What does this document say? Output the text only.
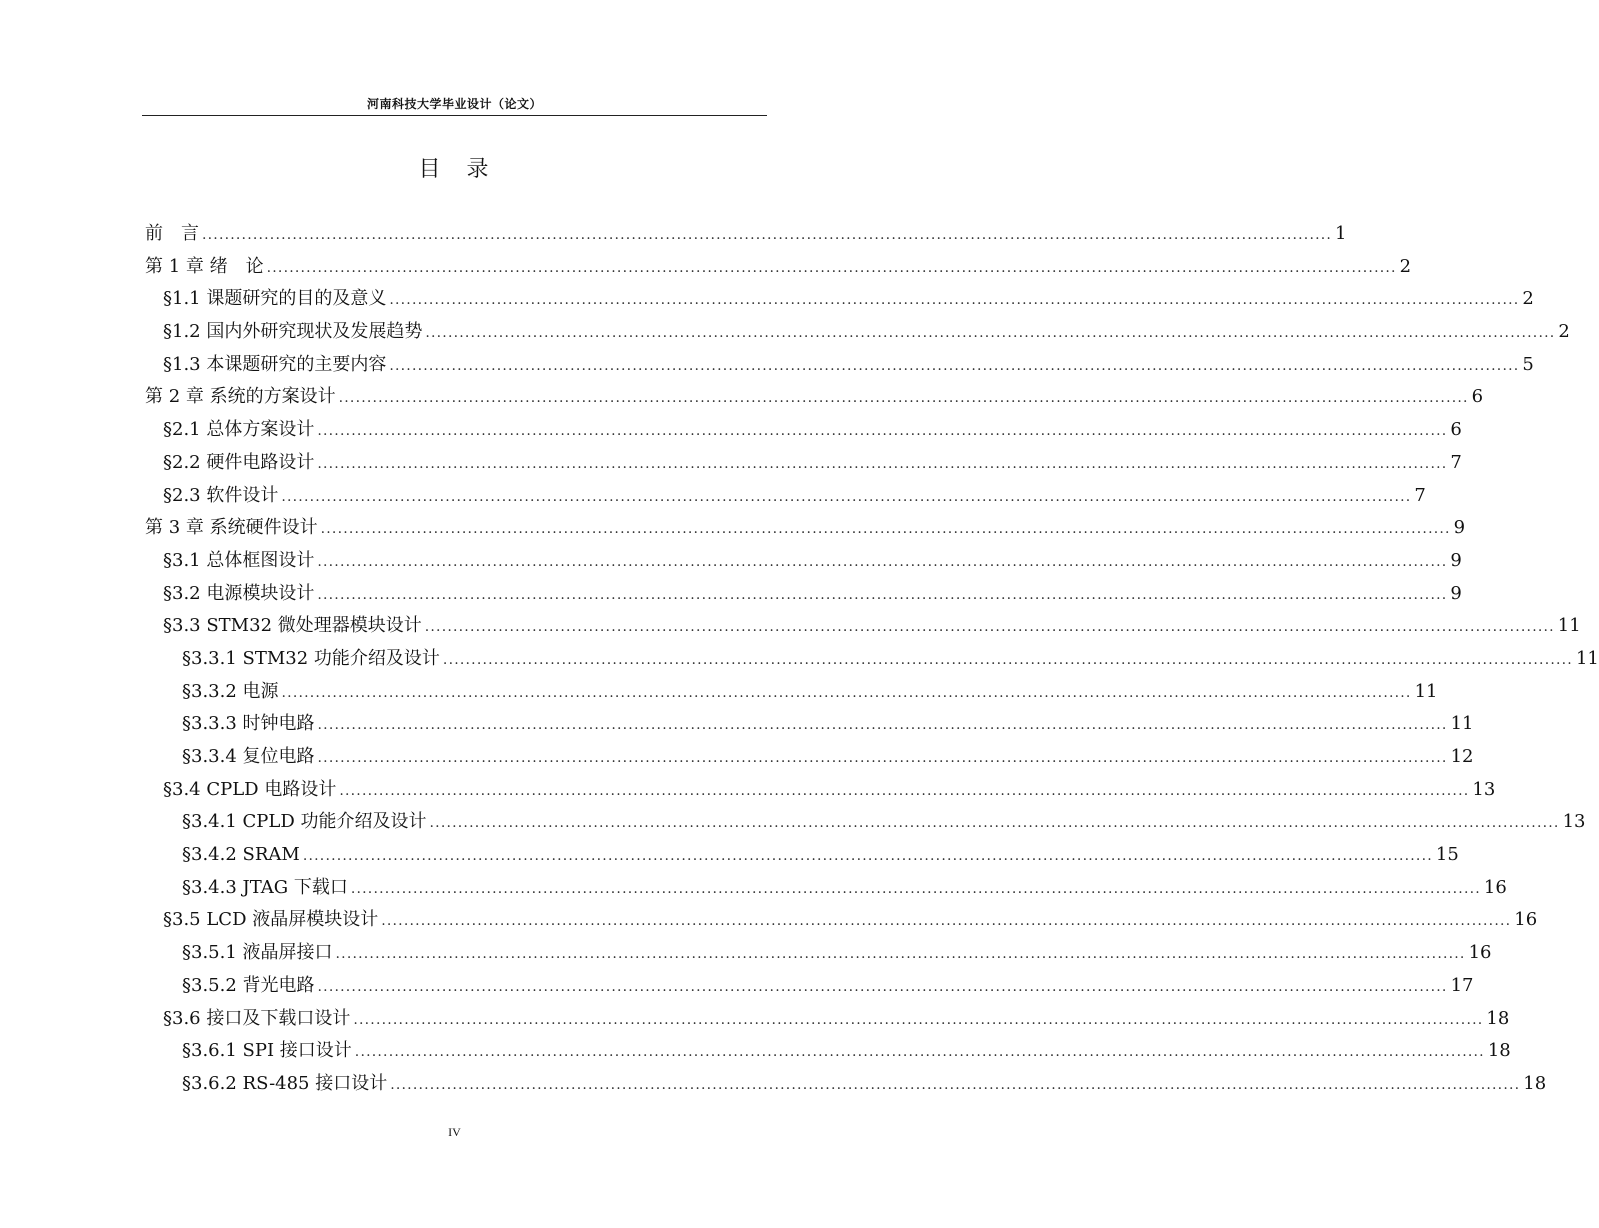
河南科技大学毕业设计（论文）
目　录
前　言 ........................................................................................................................................................................................................ 1
第 1 章 绪　论 ........................................................................................................................................................................................................ 2
§1.1 课题研究的目的及意义 ........................................................................................................................................................................................................ 2
§1.2 国内外研究现状及发展趋势 ........................................................................................................................................................................................................ 2
§1.3 本课题研究的主要内容 ........................................................................................................................................................................................................ 5
第 2 章 系统的方案设计 ........................................................................................................................................................................................................ 6
§2.1 总体方案设计 ........................................................................................................................................................................................................ 6
§2.2 硬件电路设计 ........................................................................................................................................................................................................ 7
§2.3 软件设计 ........................................................................................................................................................................................................ 7
第 3 章 系统硬件设计 ........................................................................................................................................................................................................ 9
§3.1 总体框图设计 ........................................................................................................................................................................................................ 9
§3.2 电源模块设计 ........................................................................................................................................................................................................ 9
§3.3 STM32 微处理器模块设计 ........................................................................................................................................................................................................ 11
§3.3.1 STM32 功能介绍及设计 ........................................................................................................................................................................................................ 11
§3.3.2 电源 ........................................................................................................................................................................................................ 11
§3.3.3 时钟电路 ........................................................................................................................................................................................................ 11
§3.3.4 复位电路 ........................................................................................................................................................................................................ 12
§3.4 CPLD 电路设计 ........................................................................................................................................................................................................ 13
§3.4.1 CPLD 功能介绍及设计 ........................................................................................................................................................................................................ 13
§3.4.2 SRAM ........................................................................................................................................................................................................ 15
§3.4.3 JTAG 下载口 ........................................................................................................................................................................................................ 16
§3.5 LCD 液晶屏模块设计 ........................................................................................................................................................................................................ 16
§3.5.1 液晶屏接口 ........................................................................................................................................................................................................ 16
§3.5.2 背光电路 ........................................................................................................................................................................................................ 17
§3.6 接口及下载口设计 ........................................................................................................................................................................................................ 18
§3.6.1 SPI 接口设计 ........................................................................................................................................................................................................ 18
§3.6.2 RS-485 接口设计 ........................................................................................................................................................................................................ 18
IV
